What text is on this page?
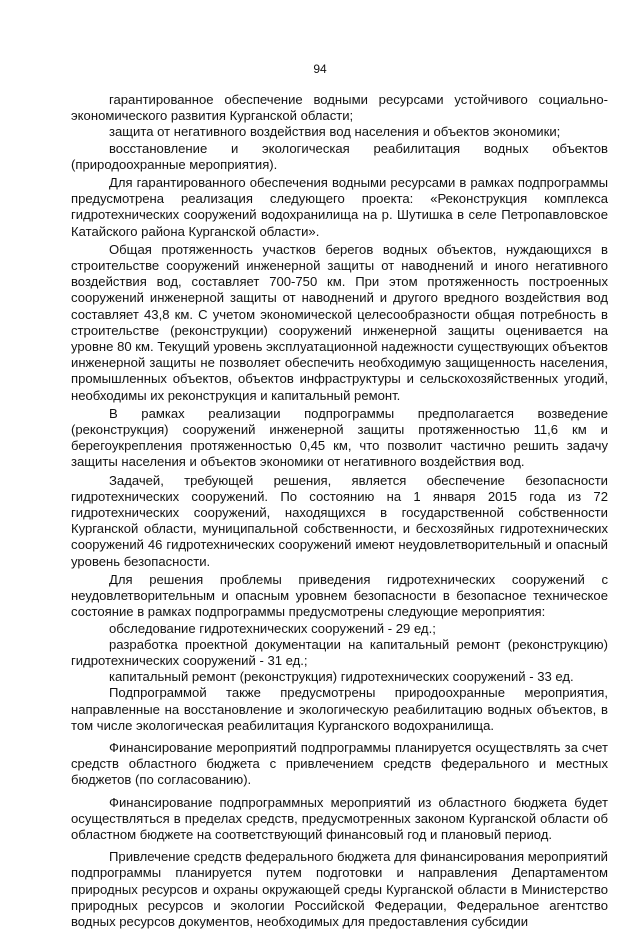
94

гарантированное обеспечение водными ресурсами устойчивого социально-экономического развития Курганской области;

защита от негативного воздействия вод населения и объектов экономики;

восстановление и экологическая реабилитация водных объектов (природоохранные мероприятия).

Для гарантированного обеспечения водными ресурсами в рамках подпрограммы предусмотрена реализация следующего проекта: «Реконструкция комплекса гидротехнических сооружений водохранилища на р. Шутишка в селе Петропавловское Катайского района Курганской области».

Общая протяженность участков берегов водных объектов, нуждающихся в строительстве сооружений инженерной защиты от наводнений и иного негативного воздействия вод, составляет 700-750 км. При этом протяженность построенных сооружений инженерной защиты от наводнений и другого вредного воздействия вод составляет 43,8 км. С учетом экономической целесообразности общая потребность в строительстве (реконструкции) сооружений инженерной защиты оценивается на уровне 80 км. Текущий уровень эксплуатационной надежности существующих объектов инженерной защиты не позволяет обеспечить необходимую защищенность населения, промышленных объектов, объектов инфраструктуры и сельскохозяйственных угодий, необходимы их реконструкция и капитальный ремонт.

В рамках реализации подпрограммы предполагается возведение (реконструкция) сооружений инженерной защиты протяженностью 11,6 км и берегоукрепления протяженностью 0,45 км, что позволит частично решить задачу защиты населения и объектов экономики от негативного воздействия вод.

Задачей, требующей решения, является обеспечение безопасности гидротехнических сооружений. По состоянию на 1 января 2015 года из 72 гидротехнических сооружений, находящихся в государственной собственности Курганской области, муниципальной собственности, и бесхозяйных гидротехнических сооружений 46 гидротехнических сооружений имеют неудовлетворительный и опасный уровень безопасности.

Для решения проблемы приведения гидротехнических сооружений с неудовлетворительным и опасным уровнем безопасности в безопасное техническое состояние в рамках подпрограммы предусмотрены следующие мероприятия:

обследование гидротехнических сооружений - 29 ед.;

разработка проектной документации на капитальный ремонт (реконструкцию) гидротехнических сооружений - 31 ед.;

капитальный ремонт (реконструкция) гидротехнических сооружений - 33 ед.

Подпрограммой также предусмотрены природоохранные мероприятия, направленные на восстановление и экологическую реабилитацию водных объектов, в том числе экологическая реабилитация Курганского водохранилища.

Финансирование мероприятий подпрограммы планируется осуществлять за счет средств областного бюджета с привлечением средств федерального и местных бюджетов (по согласованию).

Финансирование подпрограммных мероприятий из областного бюджета будет осуществляться в пределах средств, предусмотренных законом Курганской области об областном бюджете на соответствующий финансовый год и плановый период.

Привлечение средств федерального бюджета для финансирования мероприятий подпрограммы планируется путем подготовки и направления Департаментом природных ресурсов и охраны окружающей среды Курганской области в Министерство природных ресурсов и экологии Российской Федерации, Федеральное агентство водных ресурсов документов, необходимых для предоставления субсидии
